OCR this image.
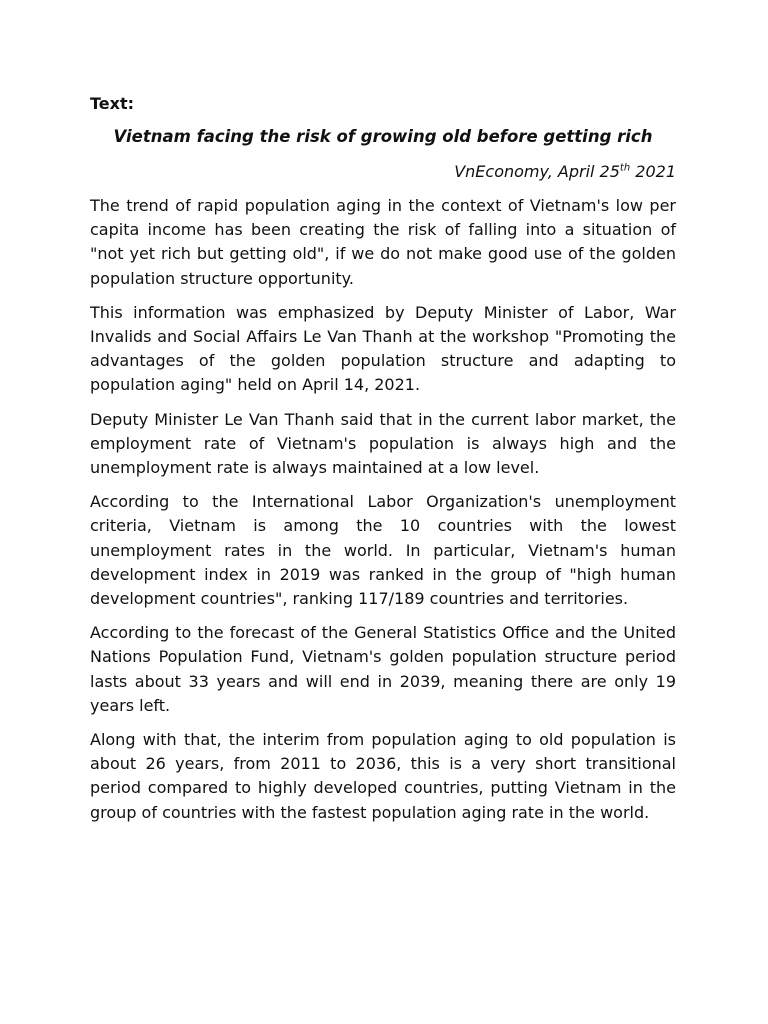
Text:
Vietnam facing the risk of growing old before getting rich
VnEconomy, April 25th 2021

The trend of rapid population aging in the context of Vietnam's low per capita income has been creating the risk of falling into a situation of "not yet rich but getting old", if we do not make good use of the golden population structure opportunity.

This information was emphasized by Deputy Minister of Labor, War Invalids and Social Affairs Le Van Thanh at the workshop "Promoting the advantages of the golden population structure and adapting to population aging" held on April 14, 2021.

Deputy Minister Le Van Thanh said that in the current labor market, the employment rate of Vietnam's population is always high and the unemployment rate is always maintained at a low level.

According to the International Labor Organization's unemployment criteria, Vietnam is among the 10 countries with the lowest unemployment rates in the world. In particular, Vietnam's human development index in 2019 was ranked in the group of "high human development countries", ranking 117/189 countries and territories.

According to the forecast of the General Statistics Office and the United Nations Population Fund, Vietnam's golden population structure period lasts about 33 years and will end in 2039, meaning there are only 19 years left.

Along with that, the interim from population aging to old population is about 26 years, from 2011 to 2036, this is a very short transitional period compared to highly developed countries, putting Vietnam in the group of countries with the fastest population aging rate in the world.
